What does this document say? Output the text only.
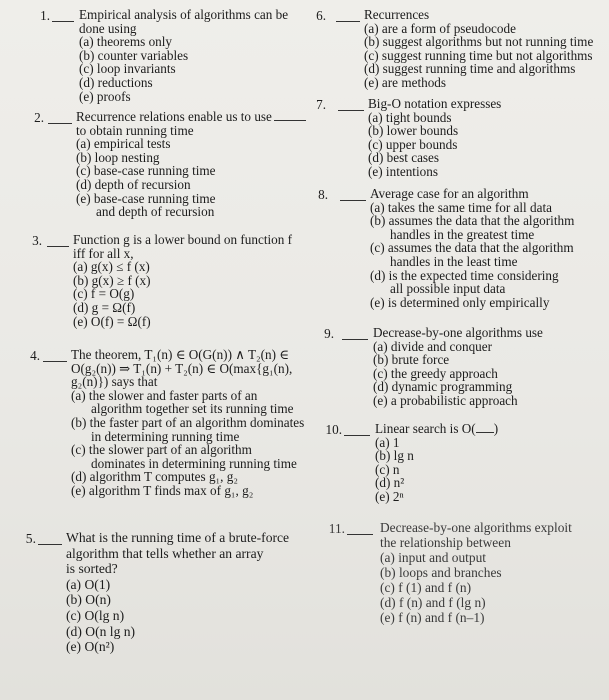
1. Empirical analysis of algorithms can be
done using
(a) theorems only
(b) counter variables
(c) loop invariants
(d) reductions
(e) proofs
2. Recurrence relations enable us to use
to obtain running time
(a) empirical tests
(b) loop nesting
(c) base-case running time
(d) depth of recursion
(e) base-case running time
and depth of recursion
3. Function g is a lower bound on function f
iff for all x,
(a) g(x) ≤ f (x)
(b) g(x) ≥ f (x)
(c) f = O(g)
(d) g = Ω(f)
(e) O(f) = Ω(f)
4. The theorem, T₁(n) ∈ O(G(n)) ∧ T₂(n) ∈
O(g₂(n)) ⇒ T₁(n) + T₂(n) ∈ O(max{g₁(n),
g₂(n)}) says that
(a) the slower and faster parts of an
algorithm together set its running time
(b) the faster part of an algorithm dominates
in determining running time
(c) the slower part of an algorithm
dominates in determining running time
(d) algorithm T computes g₁, g₂
(e) algorithm T finds max of g₁, g₂
5. What is the running time of a brute-force
algorithm that tells whether an array
is sorted?
(a) O(1)
(b) O(n)
(c) O(lg n)
(d) O(n lg n)
(e) O(n²)
6.	Recurrences
(a) are a form of pseudocode
(b) suggest algorithms but not running time
(c) suggest running time but not algorithms
(d) suggest running time and algorithms
(e) are methods
7.	Big-O notation expresses
(a) tight bounds
(b) lower bounds
(c) upper bounds
(d) best cases
(e) intentions
8.	Average case for an algorithm
(a) takes the same time for all data
(b) assumes the data that the algorithm
handles in the greatest time
(c) assumes the data that the algorithm
handles in the least time
(d) is the expected time considering
all possible input data
(e) is determined only empirically
9.	Decrease-by-one algorithms use
(a) divide and conquer
(b) brute force
(c) the greedy approach
(d) dynamic programming
(e) a probabilistic approach
10.	Linear search is O( )
(a) 1
(b) lg n
(c) n
(d) n²
(e) 2ⁿ
11.	Decrease-by-one algorithms exploit
the relationship between
(a) input and output
(b) loops and branches
(c) f (1) and f (n)
(d) f (n) and f (lg n)
(e) f (n) and f (n–1)
